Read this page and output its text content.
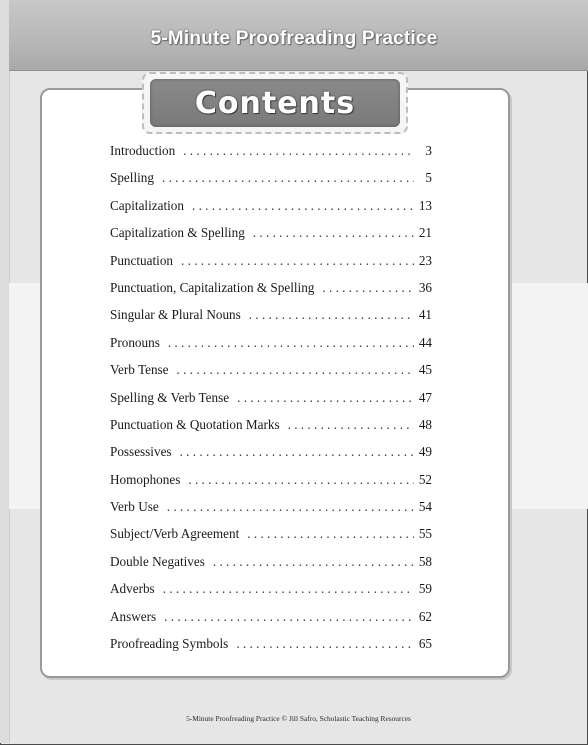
5-Minute Proofreading Practice
Contents
Introduction . . .	3
Spelling . . .	5
Capitalization . . .	13
Capitalization & Spelling . . .	21
Punctuation . . .	23
Punctuation, Capitalization & Spelling . . .	36
Singular & Plural Nouns . . .	41
Pronouns . . .	44
Verb Tense . . .	45
Spelling & Verb Tense . . .	47
Punctuation & Quotation Marks . . .	48
Possessives . . .	49
Homophones . . .	52
Verb Use . . .	54
Subject/Verb Agreement . . .	55
Double Negatives . . .	58
Adverbs . . .	59
Answers . . .	62
Proofreading Symbols . . .	65
5-Minute Proofreading Practice © Jill Safro, Scholastic Teaching Resources
